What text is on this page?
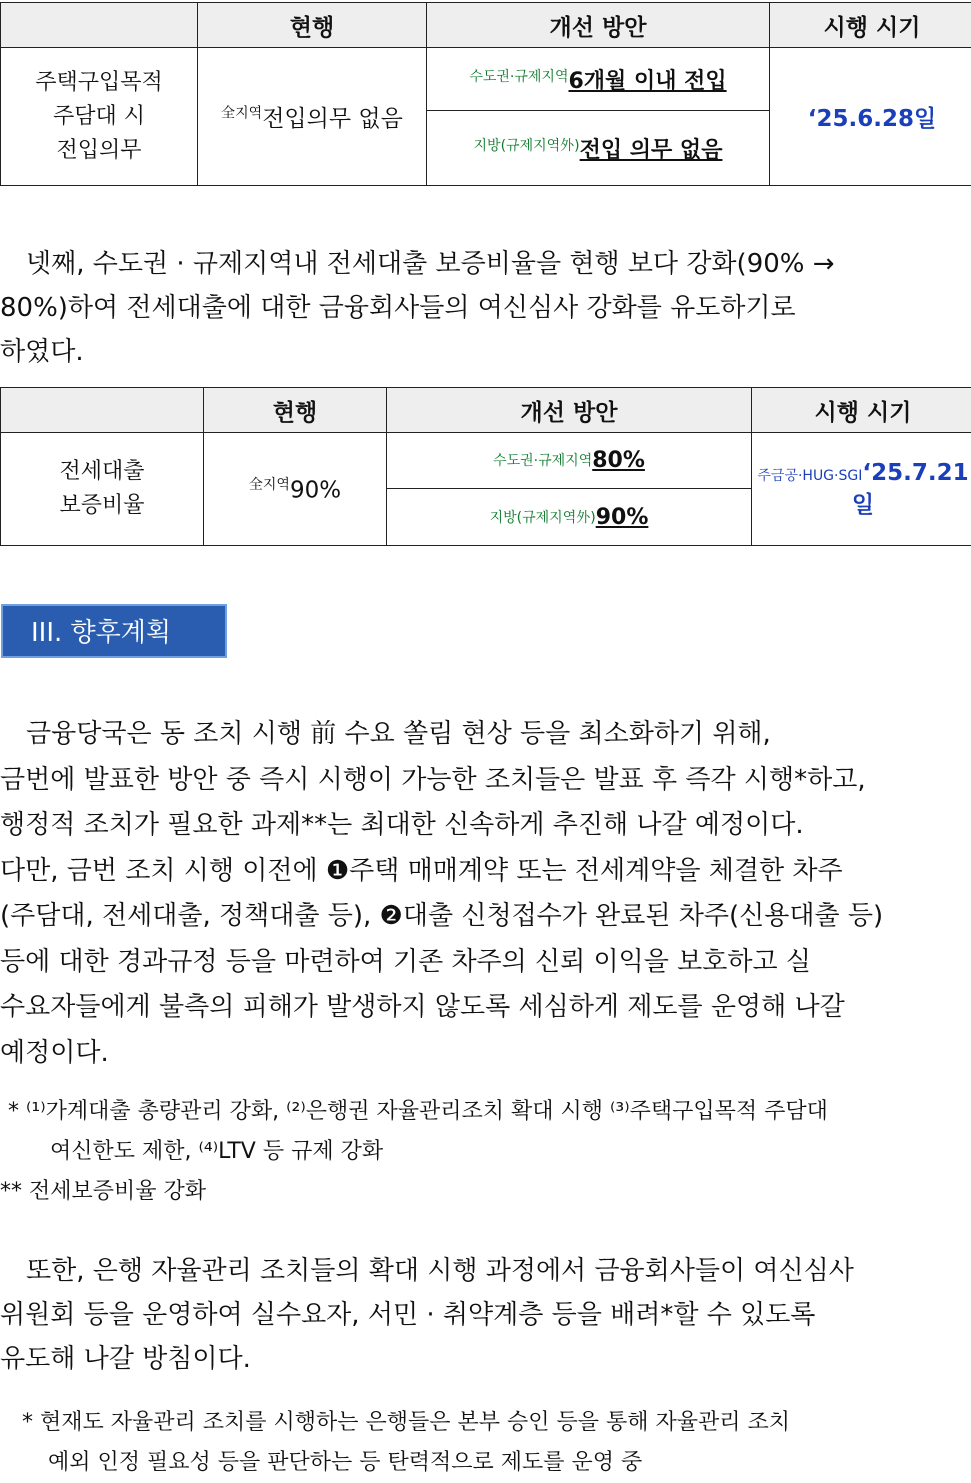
	현행	개선 방안	시행 시기

주택구입목적
주담대 시
전입의무	$^{全지역}$전입의무 없음	수도권·규제지역6개월 이내 전입	‘25.6.28일
		지방(규제지역外)전입 의무 없음	
넷째, 수도권 · 규제지역내 전세대출 보증비율을 현행 보다 강화(90% →
80%)하여 전세대출에 대한 금융회사들의 여신심사 강화를 유도하기로
하였다.
	현행	개선 방안	시행 시기

전세대출
보증비율	$^{全지역}$90%	수도권·규제지역80%	주금공·HUG·SGI‘25.7.21일
		지방(규제지역外)90%	
III. 향후계획
금융당국은 동 조치 시행 前 수요 쏠림 현상 등을 최소화하기 위해,
금번에 발표한 방안 중 즉시 시행이 가능한 조치들은 발표 후 즉각 시행*하고,
행정적 조치가 필요한 과제**는 최대한 신속하게 추진해 나갈 예정이다.
다만, 금번 조치 시행 이전에 ❶주택 매매계약 또는 전세계약을 체결한 차주
(주담대, 전세대출, 정책대출 등), ❷대출 신청접수가 완료된 차주(신용대출 등)
등에 대한 경과규정 등을 마련하여 기존 차주의 신뢰 이익을 보호하고 실
수요자들에게 불측의 피해가 발생하지 않도록 세심하게 제도를 운영해 나갈
예정이다.
* ⁽¹⁾가계대출 총량관리 강화, ⁽²⁾은행권 자율관리조치 확대 시행 ⁽³⁾주택구입목적 주담대
여신한도 제한, ⁽⁴⁾LTV 등 규제 강화
** 전세보증비율 강화
또한, 은행 자율관리 조치들의 확대 시행 과정에서 금융회사들이 여신심사
위원회 등을 운영하여 실수요자, 서민 · 취약계층 등을 배려*할 수 있도록
유도해 나갈 방침이다.
* 현재도 자율관리 조치를 시행하는 은행들은 본부 승인 등을 통해 자율관리 조치
예외 인정 필요성 등을 판단하는 등 탄력적으로 제도를 운영 중
